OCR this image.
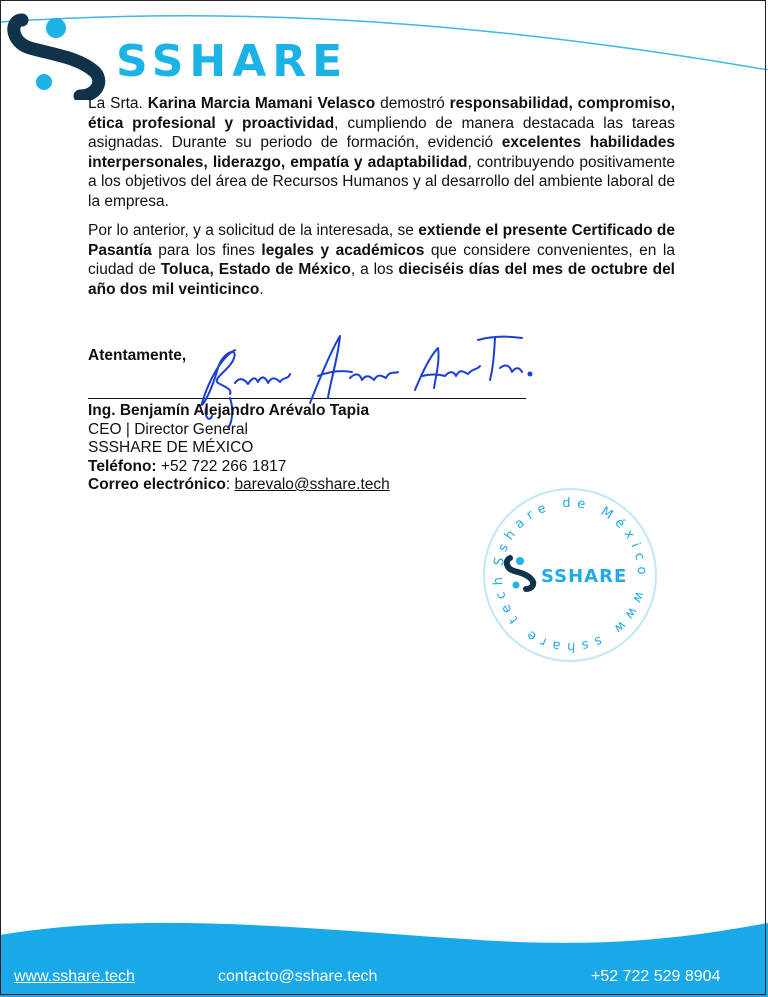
SSHARE
La Srta. Karina Marcia Mamani Velasco demostró responsabilidad, compromiso, ética profesional y proactividad, cumpliendo de manera destacada las tareas asignadas. Durante su periodo de formación, evidenció excelentes habilidades interpersonales, liderazgo, empatía y adaptabilidad, contribuyendo positivamente a los objetivos del área de Recursos Humanos y al desarrollo del ambiente laboral de la empresa.
Por lo anterior, y a solicitud de la interesada, se extiende el presente Certificado de Pasantía para los fines legales y académicos que considere convenientes, en la ciudad de Toluca, Estado de México, a los dieciséis días del mes de octubre del año dos mil veinticinco.
Atentamente,
Ing. Benjamín Alejandro Arévalo Tapia
CEO | Director General
SSSHARE DE MÉXICO
Teléfono: +52 722 266 1817
Correo electrónico: barevalo@sshare.tech
Sshare de México www sshare tech	SSHARE
www.sshare.tech	contacto@sshare.tech	+52 722 529 8904
